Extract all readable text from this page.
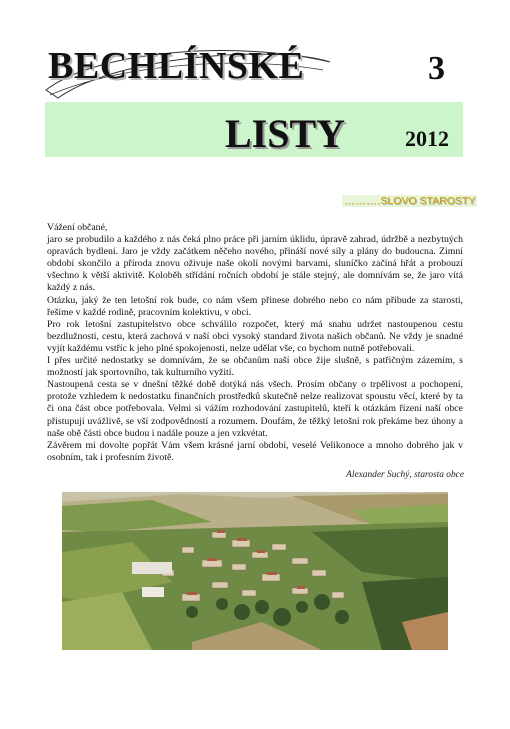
BECHLÍNSKÉ	3
LISTY	2012
……….SLOVO STAROSTY

Vážení občané,

jaro se probudilo a každého z nás čeká plno práce při jarním úklidu, úpravě zahrad, údržbě a nezbytných opravách bydlení. Jaro je vždy začátkem něčeho nového, přináší nové síly a plány do budoucna. Zimní období skončilo a příroda znovu oživuje naše okolí novými barvami, sluníčko začíná hřát a probouzí všechno k větší aktivitě. Koloběh střídání ročních období je stále stejný, ale domnívám se, že jaro vítá každý z nás.

Otázku, jaký že ten letošní rok bude, co nám všem přinese dobrého nebo co nám přibude za starosti, řešíme v každé rodině, pracovním kolektivu, v obci.

Pro rok letošní zastupitelstvo obce schválilo rozpočet, který má snahu udržet nastoupenou cestu bezdlužnosti, cestu, která zachová v naší obci vysoký standard života našich občanů. Ne vždy je snadné vyjít každému vstříc k jeho plné spokojenosti, nelze udělat vše, co bychom nutně potřebovali.

I přes určité nedostatky se domnívám, že se občanům naší obce žije slušně, s patřičným zázemím, s možností jak sportovního, tak kulturního vyžití.

Nastoupená cesta se v dnešní těžké době dotýká nás všech. Prosím občany o trpělivost a pochopení, protože vzhledem k nedostatku finančních prostředků skutečně nelze realizovat spoustu věcí, které by ta či ona část obce potřebovala. Velmi si vážím rozhodování zastupitelů, kteří k otázkám řízení naší obce přistupují uvážlivě, se vší zodpovědností a rozumem. Doufám, že těžký letošní rok překáme bez úhony a naše obě části obce budou i nadále pouze a jen vzkvétat.

Závěrem mi dovolte popřát Vám všem krásné jarní období, veselé Velikonoce a mnoho dobrého jak v osobním, tak i profesním životě.

Alexander Suchý, starosta obce
